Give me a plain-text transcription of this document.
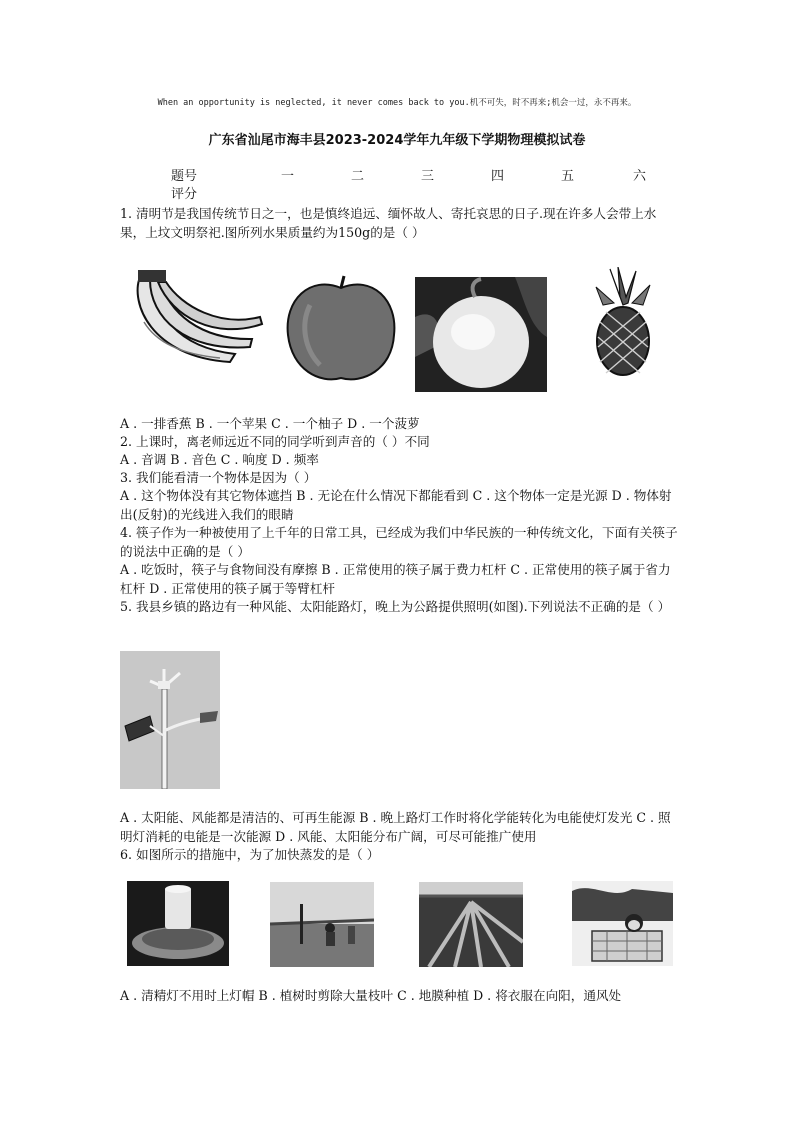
When an opportunity is neglected, it never comes back to you.机不可失，时不再来;机会一过，永不再来。
广东省汕尾市海丰县2023-2024学年九年级下学期物理模拟试卷
题号	一	二	三	四	五	六
评分

1. 清明节是我国传统节日之一，也是慎终追远、缅怀故人、寄托哀思的日子.现在许多人会带上水果，上坟文明祭祀.图所列水果质量约为150g的是（ ）

A . 一排香蕉 B . 一个苹果 C . 一个柚子 D . 一个菠萝

2. 上课时，离老师远近不同的同学听到声音的（ ）不同

A . 音调 B . 音色 C . 响度 D . 频率

3. 我们能看清一个物体是因为（ ）

A . 这个物体没有其它物体遮挡 B . 无论在什么情况下都能看到 C . 这个物体一定是光源 D . 物体射出(反射)的光线进入我们的眼睛

4. 筷子作为一种被使用了上千年的日常工具，已经成为我们中华民族的一种传统文化，下面有关筷子的说法中正确的是（ ）

A . 吃饭时，筷子与食物间没有摩擦 B . 正常使用的筷子属于费力杠杆 C . 正常使用的筷子属于省力杠杆 D . 正常使用的筷子属于等臂杠杆

5. 我县乡镇的路边有一种风能、太阳能路灯，晚上为公路提供照明(如图).下列说法不正确的是（ ）

A . 太阳能、风能都是清洁的、可再生能源 B . 晚上路灯工作时将化学能转化为电能使灯发光 C . 照明灯消耗的电能是一次能源 D . 风能、太阳能分布广阔，可尽可能推广使用

6. 如图所示的措施中，为了加快蒸发的是（ ）

A . 清精灯不用时上灯帽 B . 植树时剪除大量枝叶 C . 地膜种植 D . 将衣服在向阳，通风处
